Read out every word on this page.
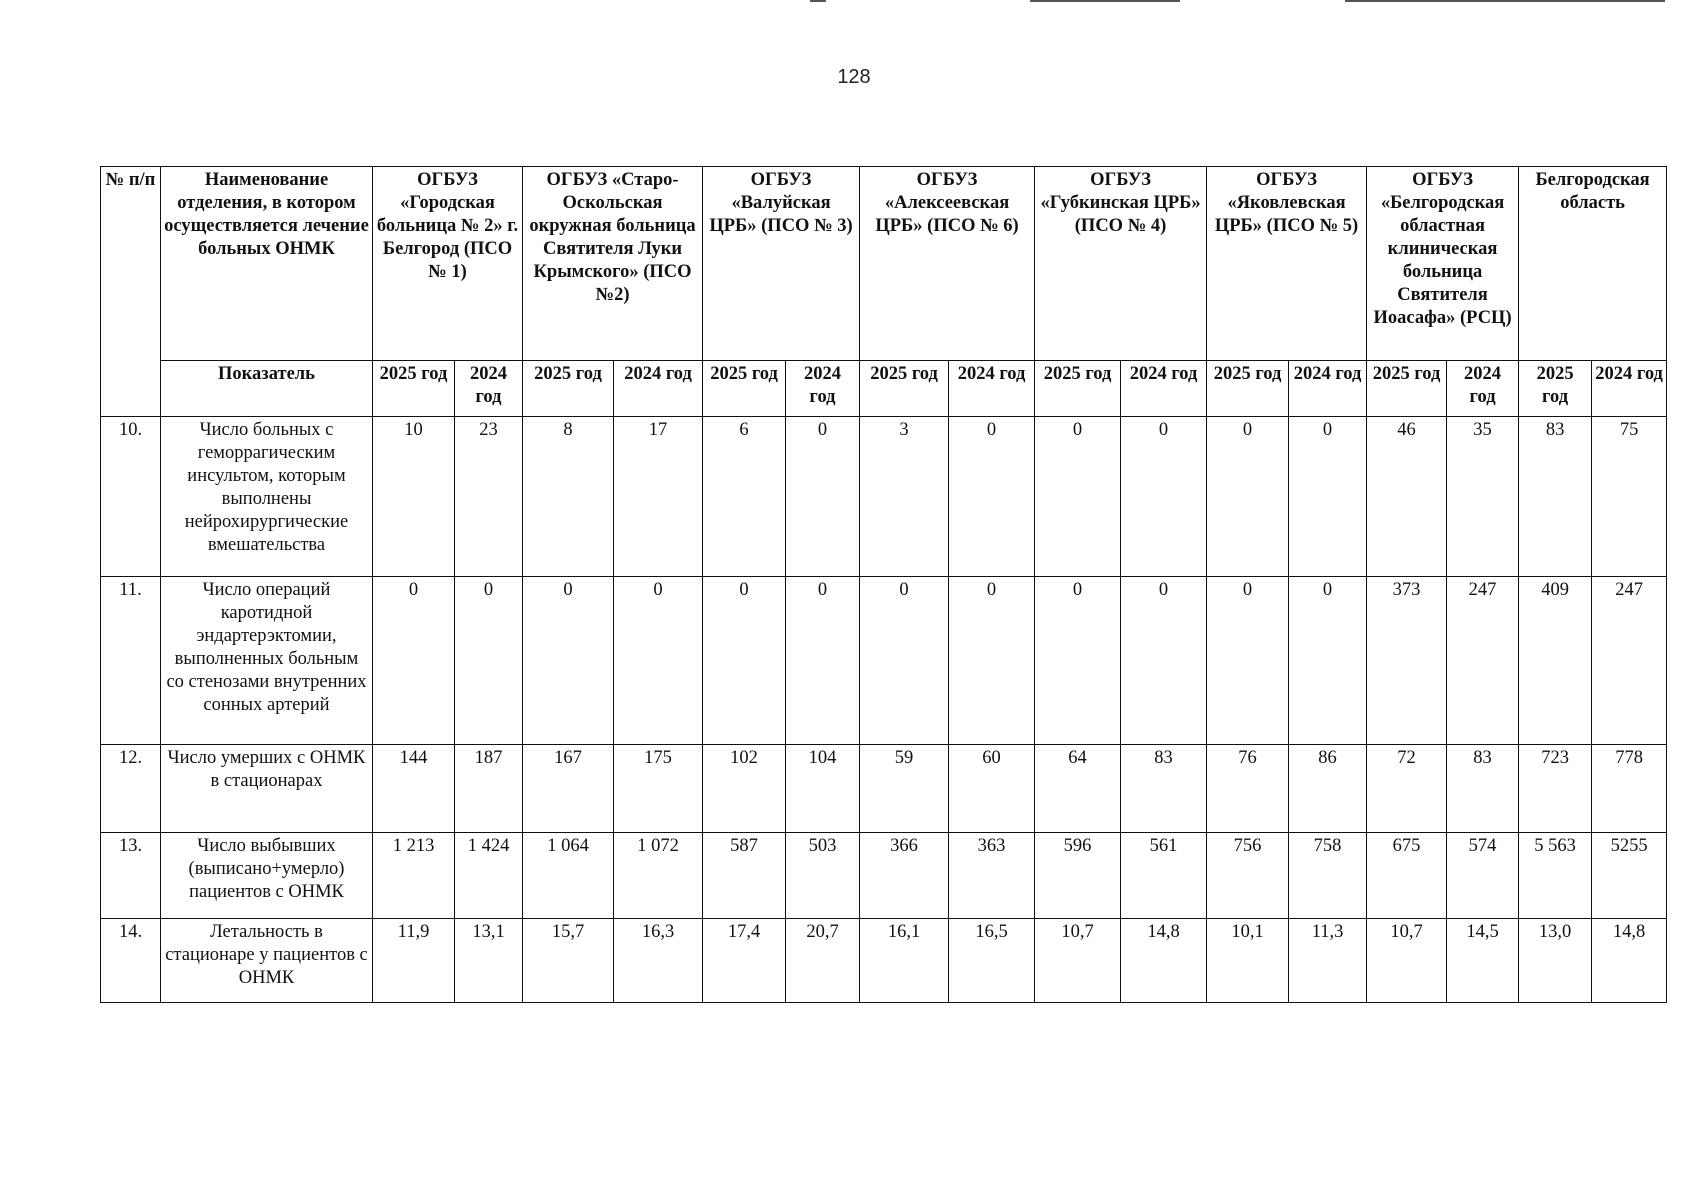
128
№ п/п	Наименование отделения, в котором осуществляется лечение больных ОНМК	ОГБУЗ «Городская больница № 2» г. Белгород (ПСО № 1)		ОГБУЗ «Старо-Оскольская окружная больница Святителя Луки Крымского» (ПСО №2)		ОГБУЗ «Валуйская ЦРБ» (ПСО № 3)		ОГБУЗ «Алексеевская ЦРБ» (ПСО № 6)		ОГБУЗ «Губкинская ЦРБ» (ПСО № 4)		ОГБУЗ «Яковлевская ЦРБ» (ПСО № 5)		ОГБУЗ «Белгородская областная клиническая больница Святителя Иоасафа» (РСЦ)		Белгородская область	
	Показатель	2025 год	2024 год	2025 год	2024 год	2025 год	2024 год	2025 год	2024 год	2025 год	2024 год	2025 год	2024 год	2025 год	2024 год	2025 год	2024 год
10.	Число больных с геморрагическим инсультом, которым выполнены нейрохирургические вмешательства	10	23	8	17	6	0	3	0	0	0	0	0	46	35	83	75
11.	Число операций каротидной эндартерэктомии, выполненных больным со стенозами внутренних сонных артерий	0	0	0	0	0	0	0	0	0	0	0	0	373	247	409	247
12.	Число умерших с ОНМК в стационарах	144	187	167	175	102	104	59	60	64	83	76	86	72	83	723	778
13.	Число выбывших (выписано+умерло) пациентов с ОНМК	1 213	1 424	1 064	1 072	587	503	366	363	596	561	756	758	675	574	5 563	5255
14.	Летальность в стационаре у пациентов с ОНМК	11,9	13,1	15,7	16,3	17,4	20,7	16,1	16,5	10,7	14,8	10,1	11,3	10,7	14,5	13,0	14,8
